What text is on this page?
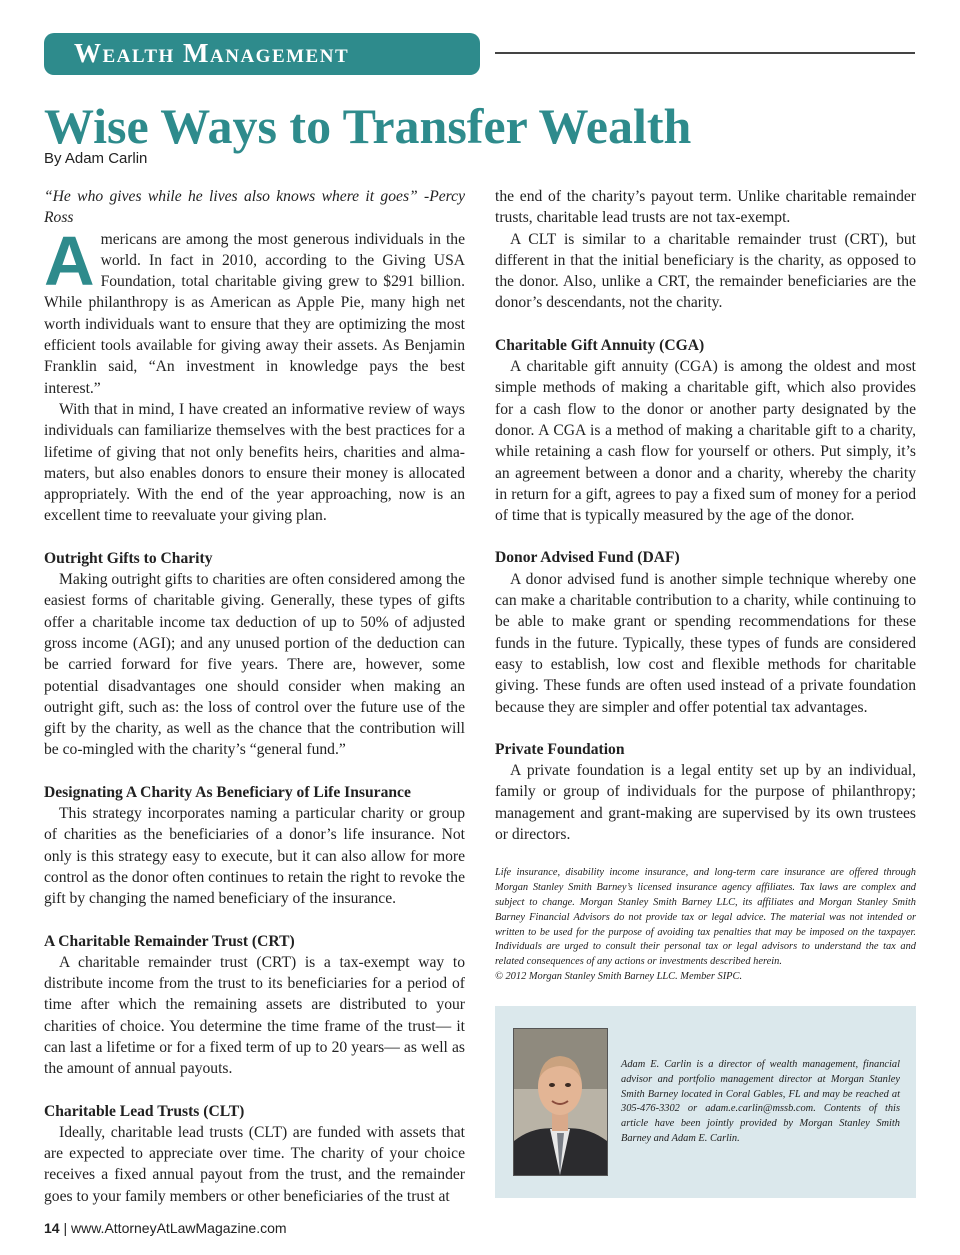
Wealth Management
Wise Ways to Transfer Wealth
By Adam Carlin

“He who gives while he lives also knows where it goes” -Percy Ross

Americans are among the most generous individuals in the world. In fact in 2010, according to the Giving USA Foundation, total charitable giving grew to $291 billion. While philanthropy is as American as Apple Pie, many high net worth individuals want to ensure that they are optimizing the most efficient tools available for giving away their assets. As Benjamin Franklin said, “An investment in knowledge pays the best interest.”

With that in mind, I have created an informative review of ways individuals can familiarize themselves with the best practices for a lifetime of giving that not only benefits heirs, charities and alma-maters, but also enables donors to ensure their money is allocated appropriately. With the end of the year approaching, now is an excellent time to reevaluate your giving plan.

Outright Gifts to Charity

Making outright gifts to charities are often considered among the easiest forms of charitable giving. Generally, these types of gifts offer a charitable income tax deduction of up to 50% of adjusted gross income (AGI); and any unused portion of the deduction can be carried forward for five years. There are, however, some potential disadvantages one should consider when making an outright gift, such as: the loss of control over the future use of the gift by the charity, as well as the chance that the contribution will be co-mingled with the charity’s “general fund.”

Designating A Charity As Beneficiary of Life Insurance

This strategy incorporates naming a particular charity or group of charities as the beneficiaries of a donor’s life insurance. Not only is this strategy easy to execute, but it can also allow for more control as the donor often continues to retain the right to revoke the gift by changing the named beneficiary of the insurance.

A Charitable Remainder Trust (CRT)

A charitable remainder trust (CRT) is a tax-exempt way to distribute income from the trust to its beneficiaries for a period of time after which the remaining assets are distributed to your charities of choice. You determine the time frame of the trust— it can last a lifetime or for a fixed term of up to 20 years— as well as the amount of annual payouts.

Charitable Lead Trusts (CLT)

Ideally, charitable lead trusts (CLT) are funded with assets that are expected to appreciate over time. The charity of your choice receives a fixed annual payout from the trust, and the remainder goes to your family members or other beneficiaries of the trust at

the end of the charity’s payout term. Unlike charitable remainder trusts, charitable lead trusts are not tax-exempt.

A CLT is similar to a charitable remainder trust (CRT), but different in that the initial beneficiary is the charity, as opposed to the donor. Also, unlike a CRT, the remainder beneficiaries are the donor’s descendants, not the charity.

Charitable Gift Annuity (CGA)

A charitable gift annuity (CGA) is among the oldest and most simple methods of making a charitable gift, which also provides for a cash flow to the donor or another party designated by the donor. A CGA is a method of making a charitable gift to a charity, while retaining a cash flow for yourself or others. Put simply, it’s an agreement between a donor and a charity, whereby the charity in return for a gift, agrees to pay a fixed sum of money for a period of time that is typically measured by the age of the donor.

Donor Advised Fund (DAF)

A donor advised fund is another simple technique whereby one can make a charitable contribution to a charity, while continuing to be able to make grant or spending recommendations for these funds in the future. Typically, these types of funds are considered easy to establish, low cost and flexible methods for charitable giving. These funds are often used instead of a private foundation because they are simpler and offer potential tax advantages.

Private Foundation

A private foundation is a legal entity set up by an individual, family or group of individuals for the purpose of philanthropy; management and grant-making are supervised by its own trustees or directors.

Life insurance, disability income insurance, and long-term care insurance are offered through Morgan Stanley Smith Barney’s licensed insurance agency affiliates. Tax laws are complex and subject to change. Morgan Stanley Smith Barney LLC, its affiliates and Morgan Stanley Smith Barney Financial Advisors do not provide tax or legal advice. The material was not intended or written to be used for the purpose of avoiding tax penalties that may be imposed on the taxpayer. Individuals are urged to consult their personal tax or legal advisors to understand the tax and related consequences of any actions or investments described herein.
© 2012 Morgan Stanley Smith Barney LLC. Member SIPC.
Adam E. Carlin is a director of wealth management, financial advisor and portfolio management director at Morgan Stanley Smith Barney located in Coral Gables, FL and may be reached at 305-476-3302 or adam.e.carlin@mssb.com. Contents of this article have been jointly provided by Morgan Stanley Smith Barney and Adam E. Carlin.
14 | www.AttorneyAtLawMagazine.com
